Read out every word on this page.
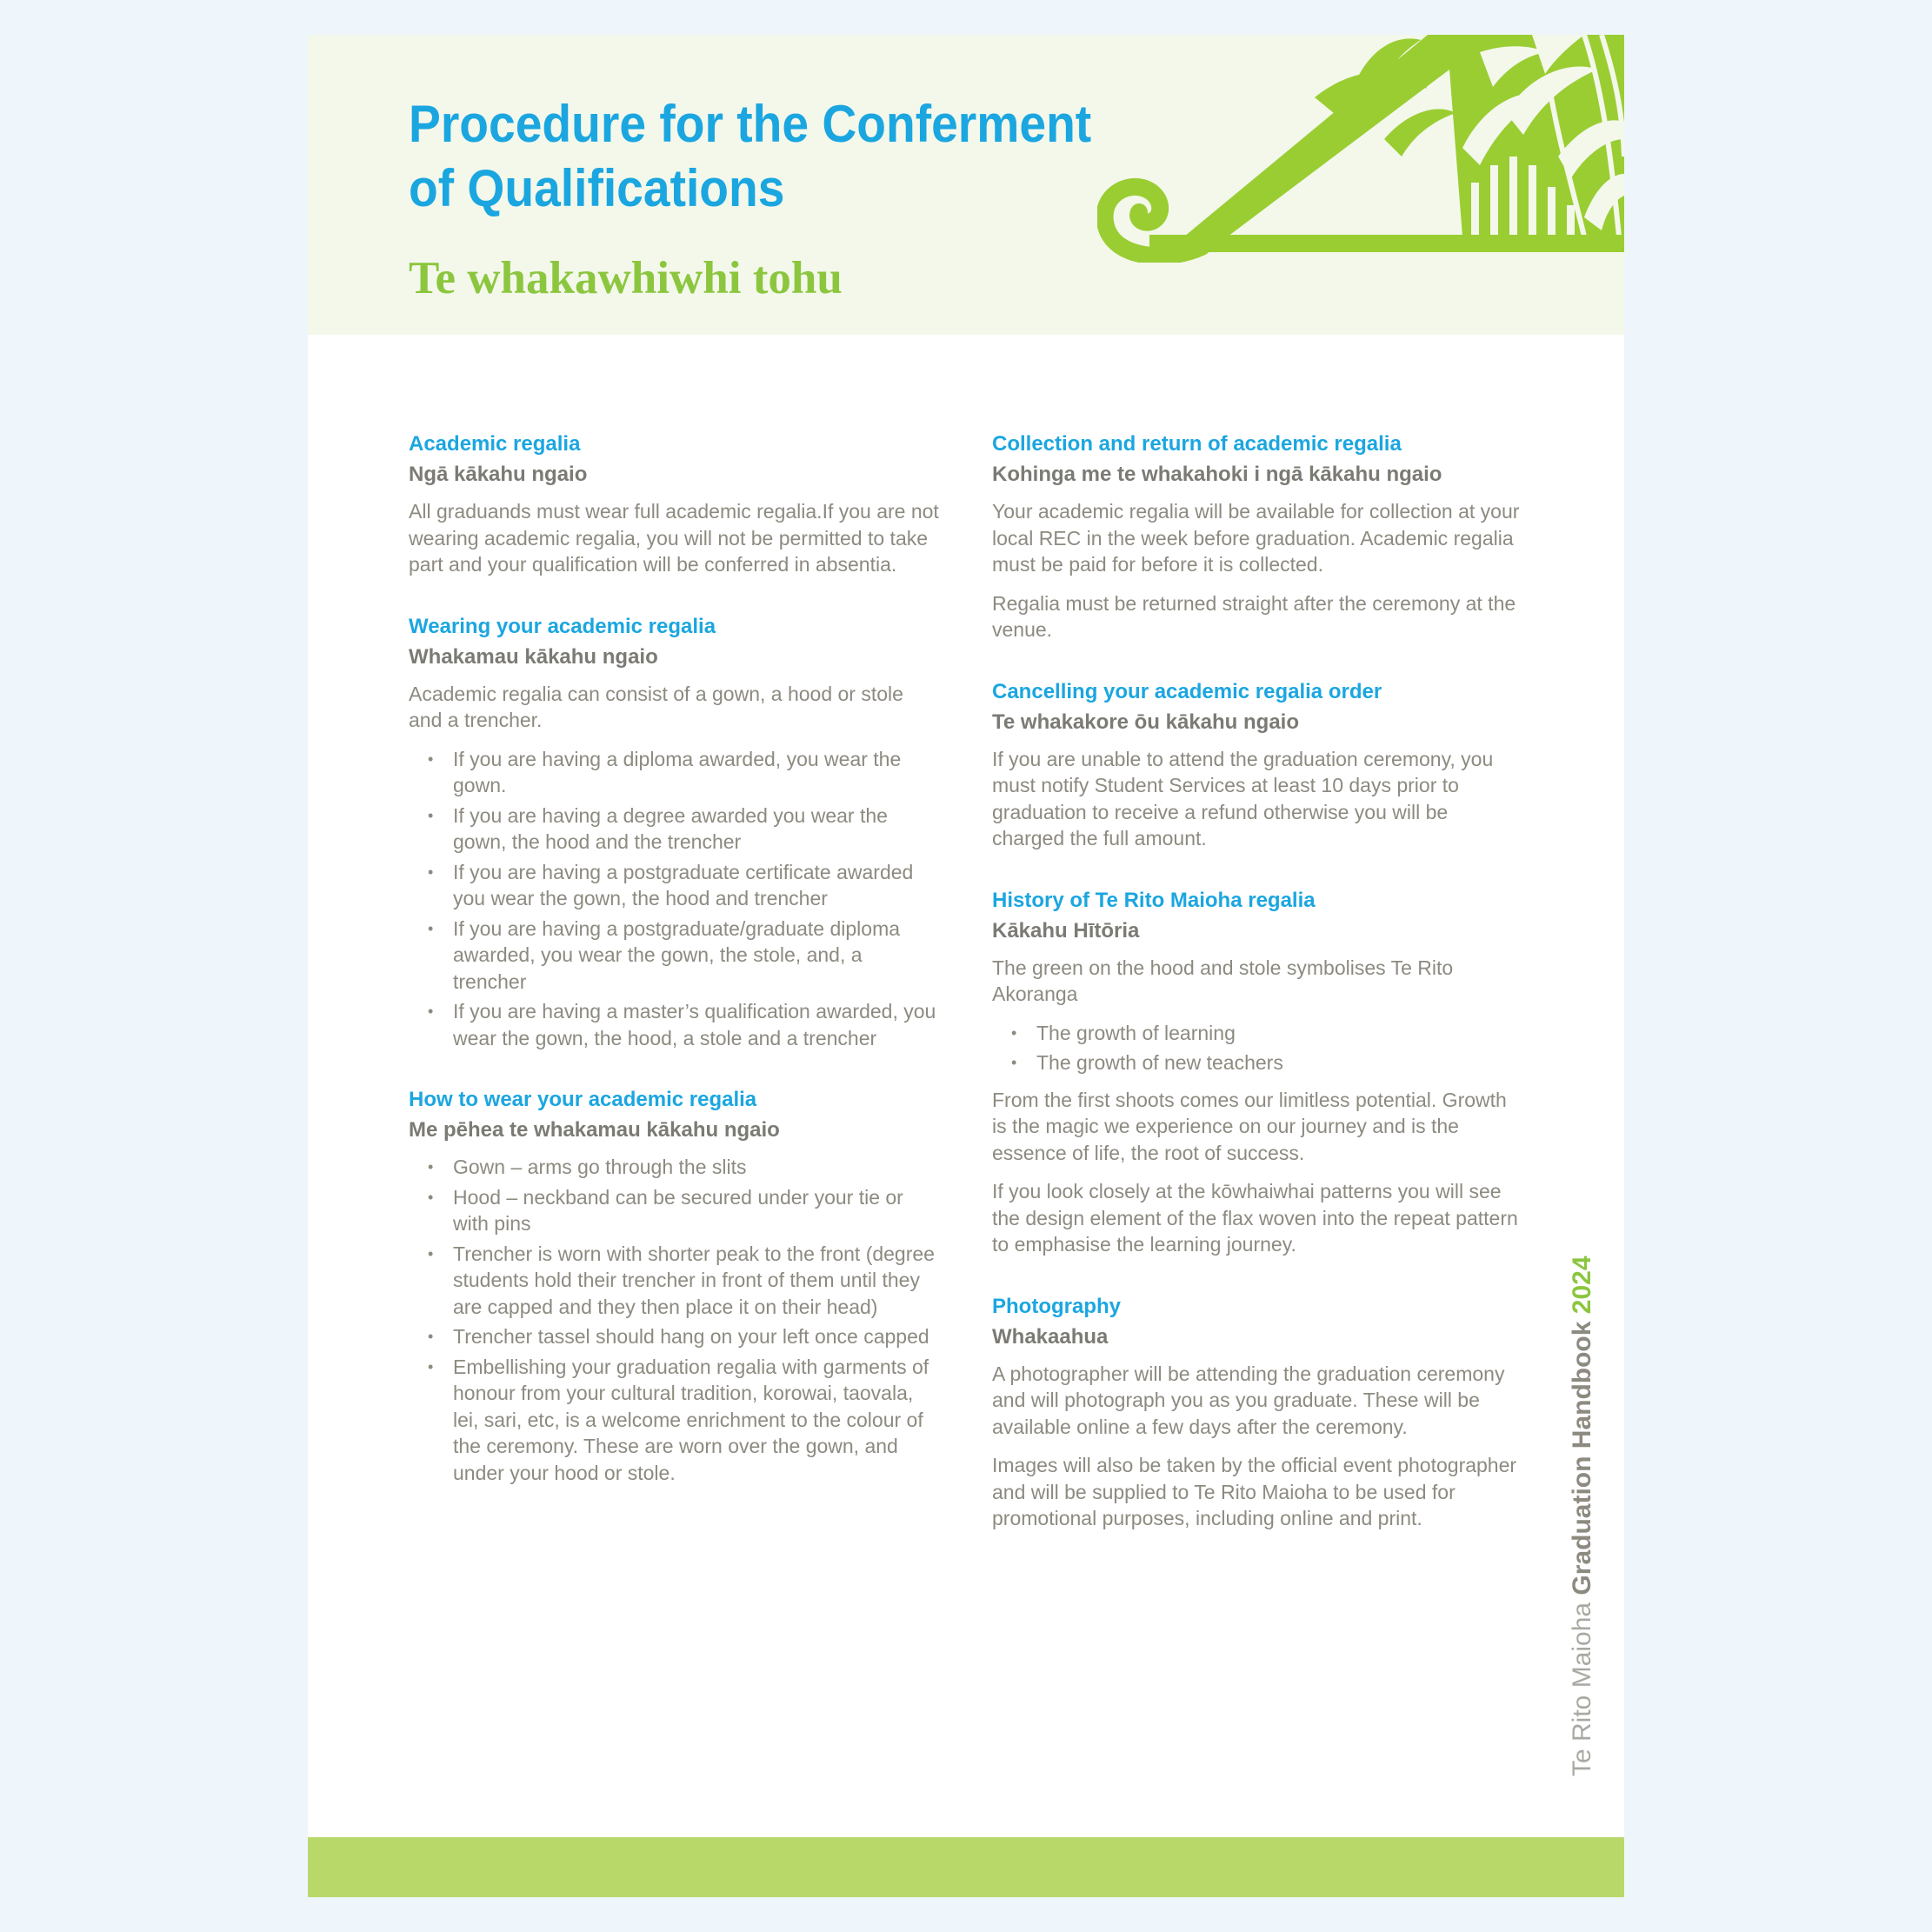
Procedure for the Conferment
of Qualifications
Te whakawhiwhi tohu
Academic regalia
Ngā kākahu ngaio

All graduands must wear full academic regalia.If you are not wearing academic regalia, you will not be permitted to take part and your qualification will be conferred in absentia.

Wearing your academic regalia
Whakamau kākahu ngaio

Academic regalia can consist of a gown, a hood or stole and a trencher.

• If you are having a diploma awarded, you wear the gown.
• If you are having a degree awarded you wear the gown, the hood and the trencher
• If you are having a postgraduate certificate awarded you wear the gown, the hood and trencher
• If you are having a postgraduate/graduate diploma awarded, you wear the gown, the stole, and, a trencher
• If you are having a master’s qualification awarded, you wear the gown, the hood, a stole and a trencher
How to wear your academic regalia
Me pēhea te whakamau kākahu ngaio
• Gown – arms go through the slits
• Hood – neckband can be secured under your tie or with pins
• Trencher is worn with shorter peak to the front (degree students hold their trencher in front of them until they are capped and they then place it on their head)
• Trencher tassel should hang on your left once capped
• Embellishing your graduation regalia with garments of honour from your cultural tradition, korowai, taovala, lei, sari, etc, is a welcome enrichment to the colour of the ceremony. These are worn over the gown, and under your hood or stole.
Collection and return of academic regalia
Kohinga me te whakahoki i ngā kākahu ngaio

Your academic regalia will be available for collection at your local REC in the week before graduation. Academic regalia must be paid for before it is collected.

Regalia must be returned straight after the ceremony at the venue.

Cancelling your academic regalia order
Te whakakore ōu kākahu ngaio

If you are unable to attend the graduation ceremony, you must notify Student Services at least 10 days prior to graduation to receive a refund otherwise you will be charged the full amount.

History of Te Rito Maioha regalia
Kākahu Hītōria

The green on the hood and stole symbolises Te Rito Akoranga

• The growth of learning
• The growth of new teachers

From the first shoots comes our limitless potential. Growth is the magic we experience on our journey and is the essence of life, the root of success.

If you look closely at the kōwhaiwhai patterns you will see the design element of the flax woven into the repeat pattern to emphasise the learning journey.

Photography
Whakaahua

A photographer will be attending the graduation ceremony and will photograph you as you graduate. These will be available online a few days after the ceremony.

Images will also be taken by the official event photographer and will be supplied to Te Rito Maioha to be used for promotional purposes, including online and print.

Te Rito Maioha Graduation Handbook 2024
